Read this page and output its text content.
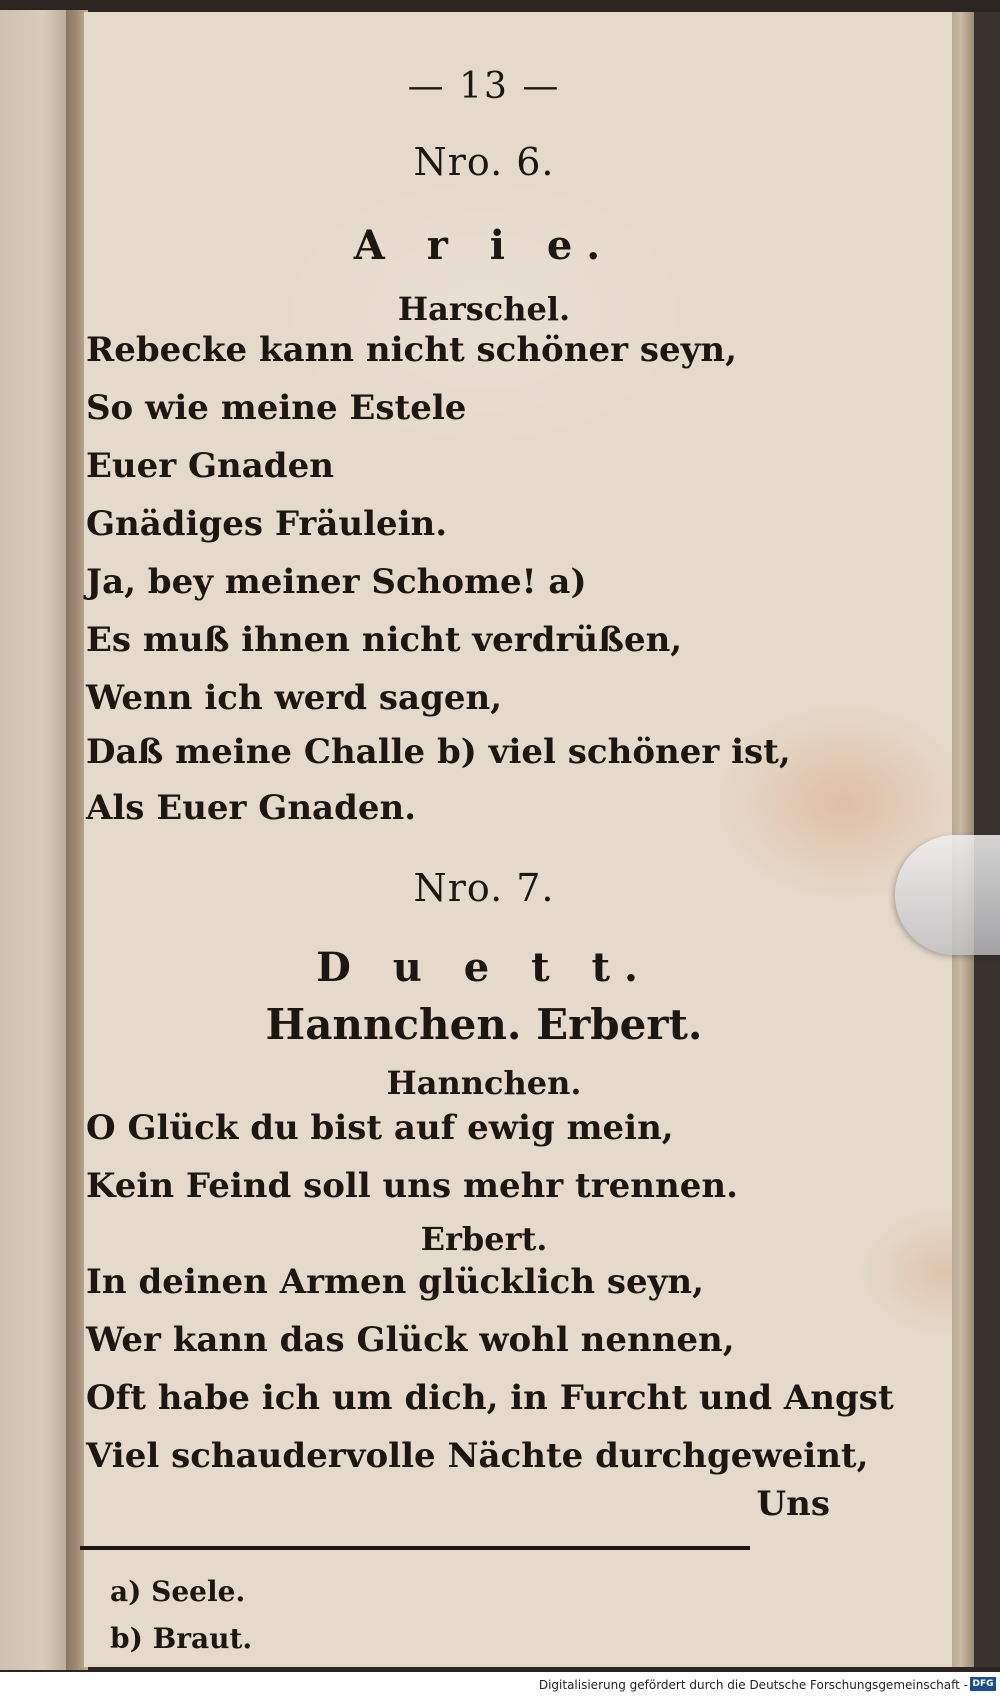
— 13 —
Nro. 6.
A r i e.
Harschel.
Rebecke kann nicht schöner seyn,
So wie meine Estele
Euer Gnaden
Gnädiges Fräulein.
Ja, bey meiner Schome! a)
Es muß ihnen nicht verdrüßen,
Wenn ich werd sagen,
Daß meine Challe b) viel schöner ist,
Als Euer Gnaden.
Nro. 7.
D u e t t.
Hannchen. Erbert.
Hannchen.
O Glück du bist auf ewig mein,
Kein Feind soll uns mehr trennen.
Erbert.
In deinen Armen glücklich seyn,
Wer kann das Glück wohl nennen,
Oft habe ich um dich, in Furcht und Angst
Viel schaudervolle Nächte durchgeweint,
Uns
a) Seele.
b) Braut.
Digitalisierung gefördert durch die Deutsche Forschungsgemeinschaft - DFG
